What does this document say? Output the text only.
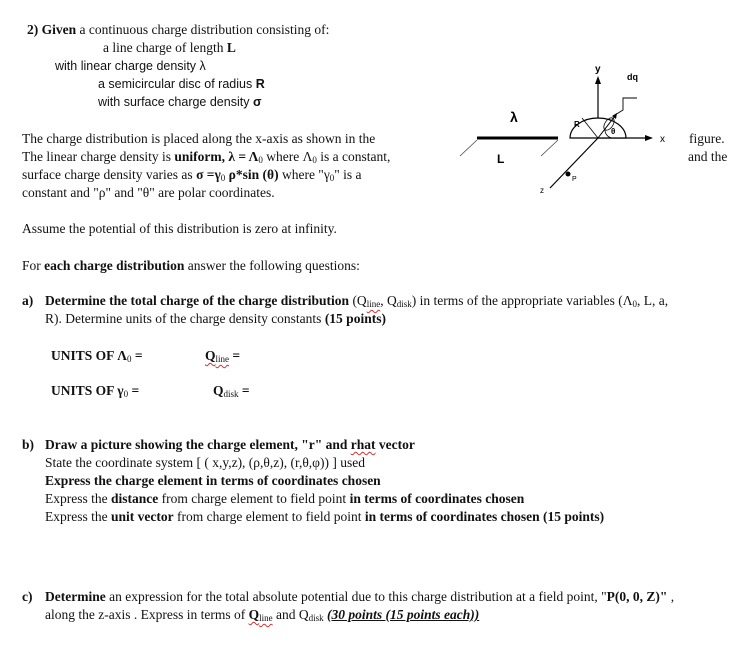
2) Given a continuous charge distribution consisting of:
a line charge of length L
with linear charge density λ
a semicircular disc of radius R
with surface charge density σ
The charge distribution is placed along the x-axis as shown in the	figure.
The linear charge density is uniform, $\lambda = \Lambda_0$ where $\Lambda_0$ is a constant,	and the
surface charge density varies as $\sigma =\gamma_0$ ρ*sin (θ) where "$\gamma_0$" is a
constant and "ρ" and "θ" are polar coordinates.
y
x
z
λ
L
R
θ
dq
P
Assume the potential of this distribution is zero at infinity.
For each charge distribution answer the following questions:
a) Determine the total charge of the charge distribution ($Q_{line}$, $Q_{disk}$) in terms of the appropriate variables ($\Lambda_0$, L, a,
R). Determine units of the charge density constants (15 points)
UNITS OF $\Lambda_0$ =	$Q_{line}$ =
UNITS OF $\gamma_0$ =	$Q_{disk}$ =
b) Draw a picture showing the charge element, "r" and rhat vector
State the coordinate system [ ( x,y,z), (ρ,θ,z), (r,θ,φ)) ] used
Express the charge element in terms of coordinates chosen
Express the distance from charge element to field point in terms of coordinates chosen
Express the unit vector from charge element to field point in terms of coordinates chosen (15 points)
c) Determine an expression for the total absolute potential due to this charge distribution at a field point, "P(0, 0, Z)" ,
along the z-axis . Express in terms of $Q_{line}$ and $Q_{disk}$ (30 points (15 points each))
